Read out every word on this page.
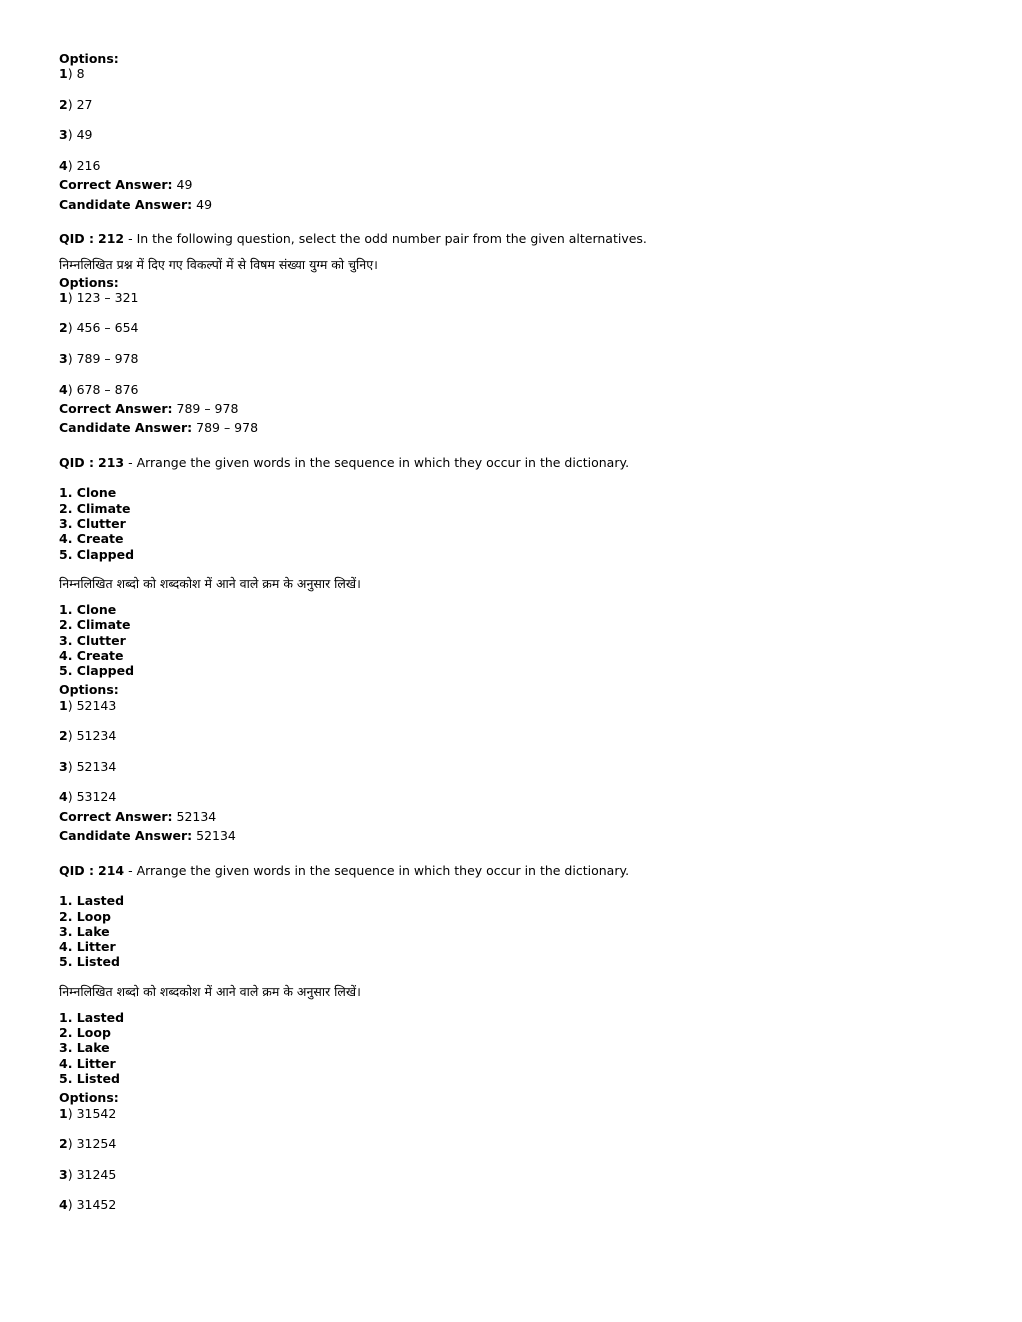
Options:
1) 8
2) 27
3) 49
4) 216
Correct Answer: 49
Candidate Answer: 49
QID : 212 - In the following question, select the odd number pair from the given alternatives.
निम्नलिखित प्रश्न में दिए गए विकल्पों में से विषम संख्या युग्म को चुनिए।
Options:
1) 123 – 321
2) 456 – 654
3) 789 – 978
4) 678 – 876
Correct Answer: 789 – 978
Candidate Answer: 789 – 978
QID : 213 - Arrange the given words in the sequence in which they occur in the dictionary.
1. Clone
2. Climate
3. Clutter
4. Create
5. Clapped
निम्नलिखित शब्दो को शब्दकोश में आने वाले क्रम के अनुसार लिखें।
1. Clone
2. Climate
3. Clutter
4. Create
5. Clapped
Options:
1) 52143
2) 51234
3) 52134
4) 53124
Correct Answer: 52134
Candidate Answer: 52134
QID : 214 - Arrange the given words in the sequence in which they occur in the dictionary.
1. Lasted
2. Loop
3. Lake
4. Litter
5. Listed
निम्नलिखित शब्दो को शब्दकोश में आने वाले क्रम के अनुसार लिखें।
1. Lasted
2. Loop
3. Lake
4. Litter
5. Listed
Options:
1) 31542
2) 31254
3) 31245
4) 31452
